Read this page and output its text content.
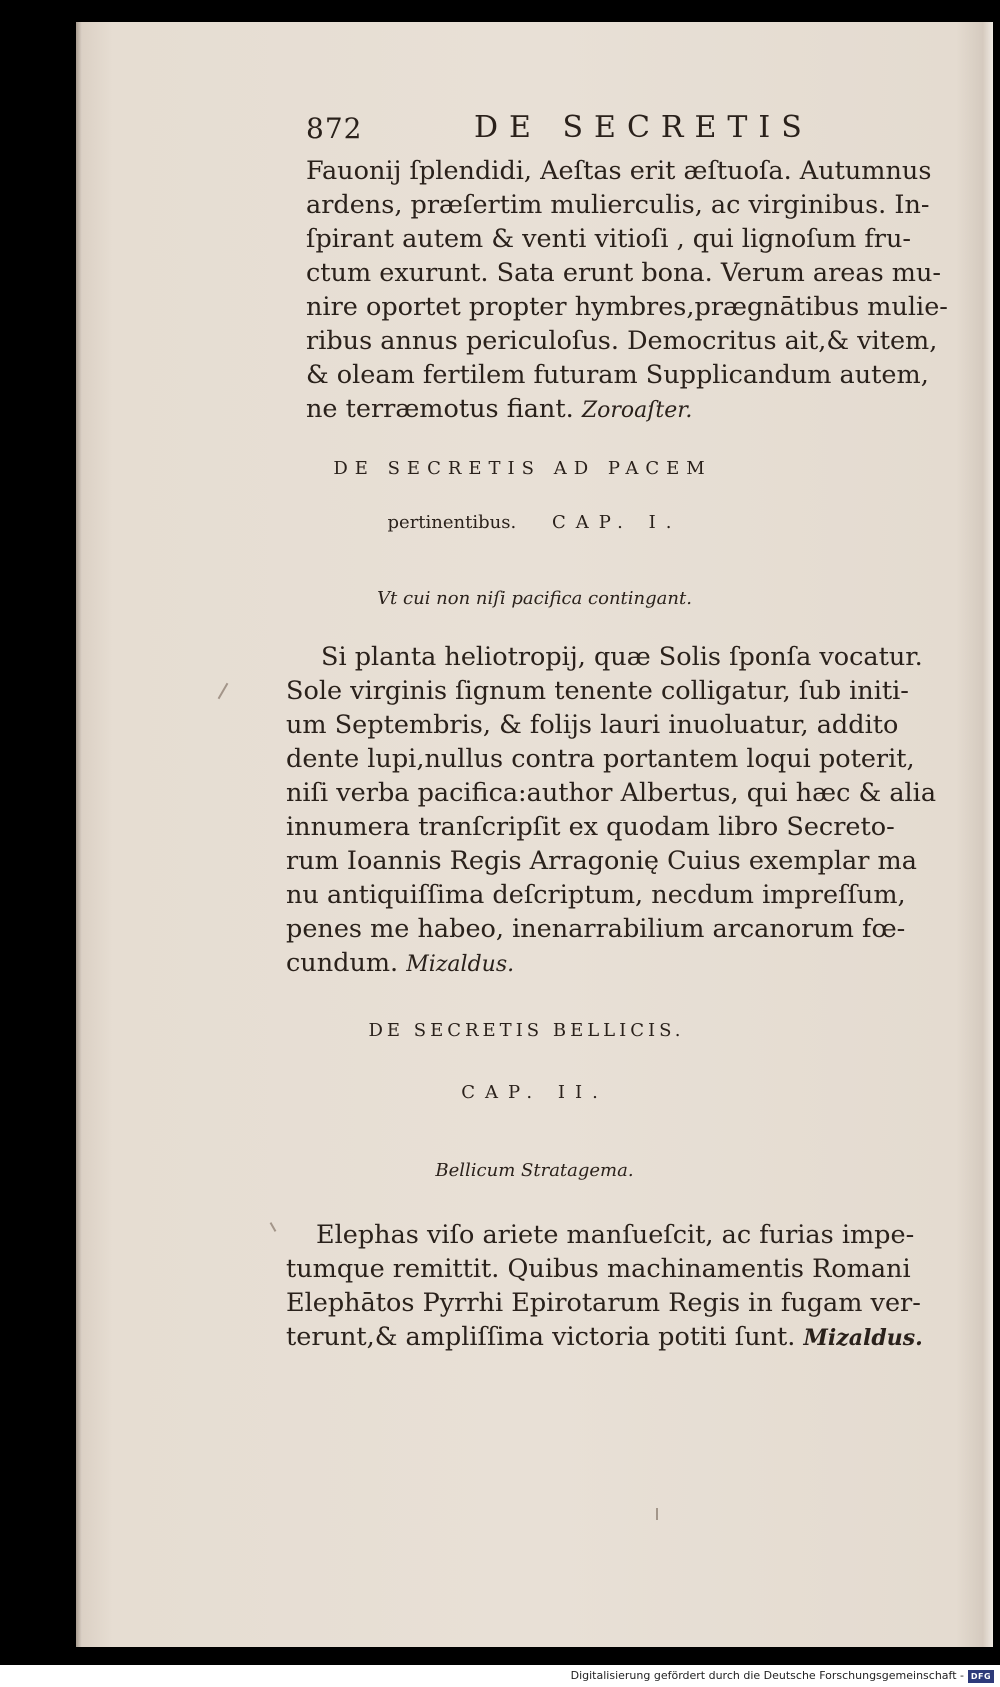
872	DE SECRETIS
Fauonij ſplendidi, Aeſtas erit æſtuoſa. Autumnus
ardens, præſertim mulierculis, ac virginibus. In-
ſpirant autem & venti vitioſi , qui lignoſum fru-
ctum exurunt. Sata erunt bona. Verum areas mu-
nire oportet propter hymbres,prægnātibus mulie-
ribus annus periculoſus. Democritus ait,& vitem,
& oleam fertilem futuram Supplicandum autem,
ne terræmotus fiant. Zoroaſter.
DE SECRETIS AD PACEM
pertinentibus. CAP. I.
Vt cui non niſi pacifica contingant.
Si planta heliotropij, quæ Solis ſponſa vocatur.
Sole virginis ſignum tenente colligatur, ſub initi-
um Septembris, & folijs lauri inuoluatur, addito
dente lupi,nullus contra portantem loqui poterit,
niſi verba pacifica:author Albertus, qui hæc & alia
innumera tranſcripſit ex quodam libro Secreto-
rum Ioannis Regis Arragonię Cuius exemplar ma
nu antiquiſſima deſcriptum, necdum impreſſum,
penes me habeo, inenarrabilium arcanorum fœ-
cundum. Mizaldus.
DE SECRETIS BELLICIS.
CAP. II.
Bellicum Stratagema.
Elephas viſo ariete manſueſcit, ac furias impe-
tumque remittit. Quibus machinamentis Romani
Elephātos Pyrrhi Epirotarum Regis in fugam ver-
terunt,& ampliſſima victoria potiti ſunt. Mizaldus.
Digitalisierung gefördert durch die Deutsche Forschungsgemeinschaft - DFG
